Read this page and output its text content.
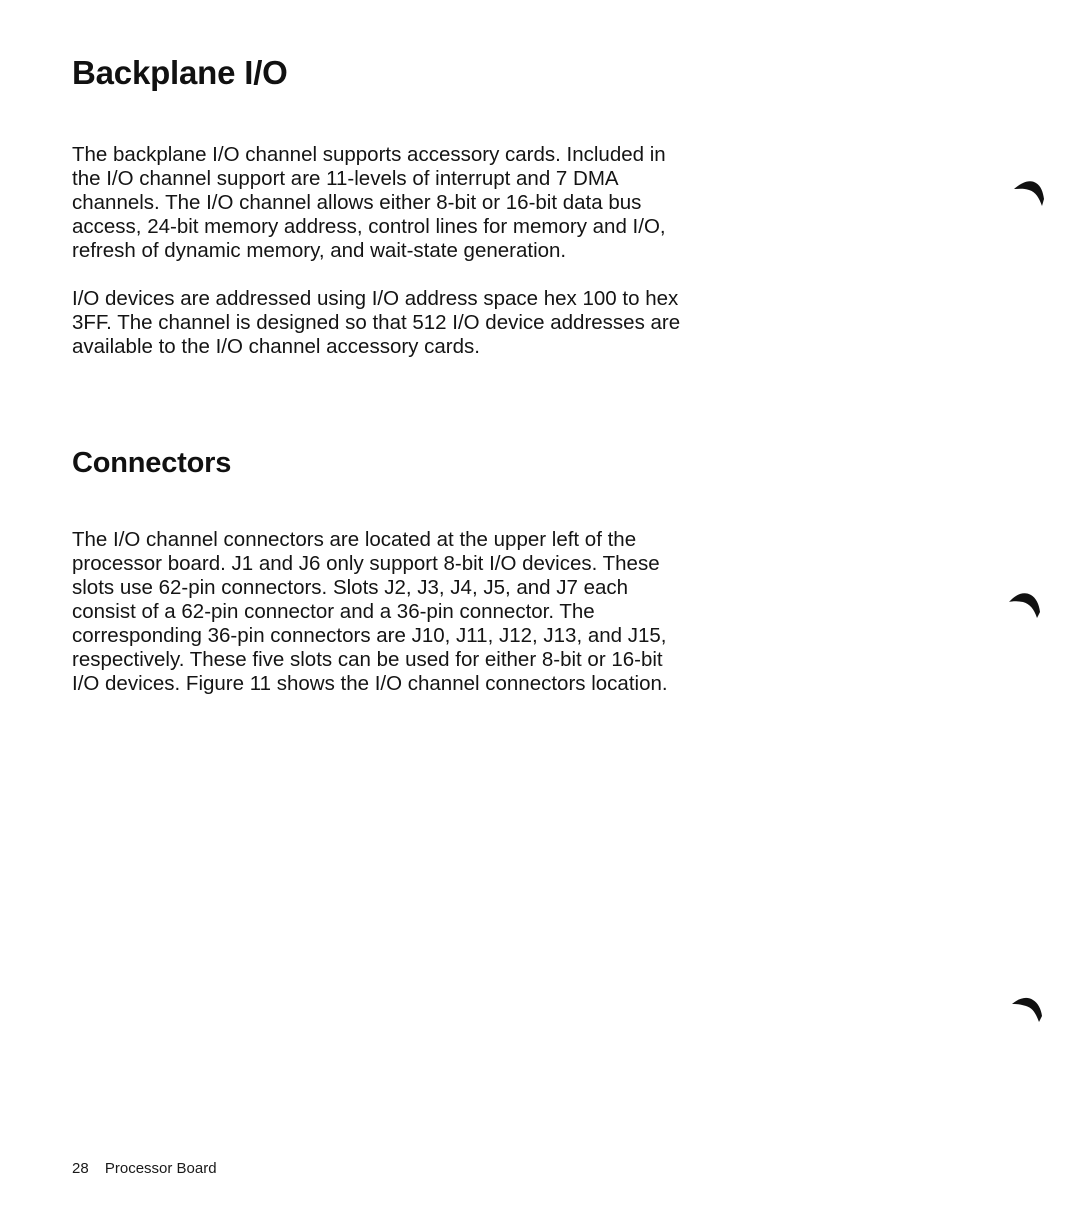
Backplane I/O

The backplane I/O channel supports accessory cards. Included in
the I/O channel support are 11-levels of interrupt and 7 DMA
channels. The I/O channel allows either 8-bit or 16-bit data bus
access, 24-bit memory address, control lines for memory and I/O,
refresh of dynamic memory, and wait-state generation.

I/O devices are addressed using I/O address space hex 100 to hex
3FF. The channel is designed so that 512 I/O device addresses are
available to the I/O channel accessory cards.

Connectors

The I/O channel connectors are located at the upper left of the
processor board. J1 and J6 only support 8-bit I/O devices. These
slots use 62-pin connectors. Slots J2, J3, J4, J5, and J7 each
consist of a 62-pin connector and a 36-pin connector. The
corresponding 36-pin connectors are J10, J11, J12, J13, and J15,
respectively. These five slots can be used for either 8-bit or 16-bit
I/O devices. Figure 11 shows the I/O channel connectors location.

28 Processor Board
